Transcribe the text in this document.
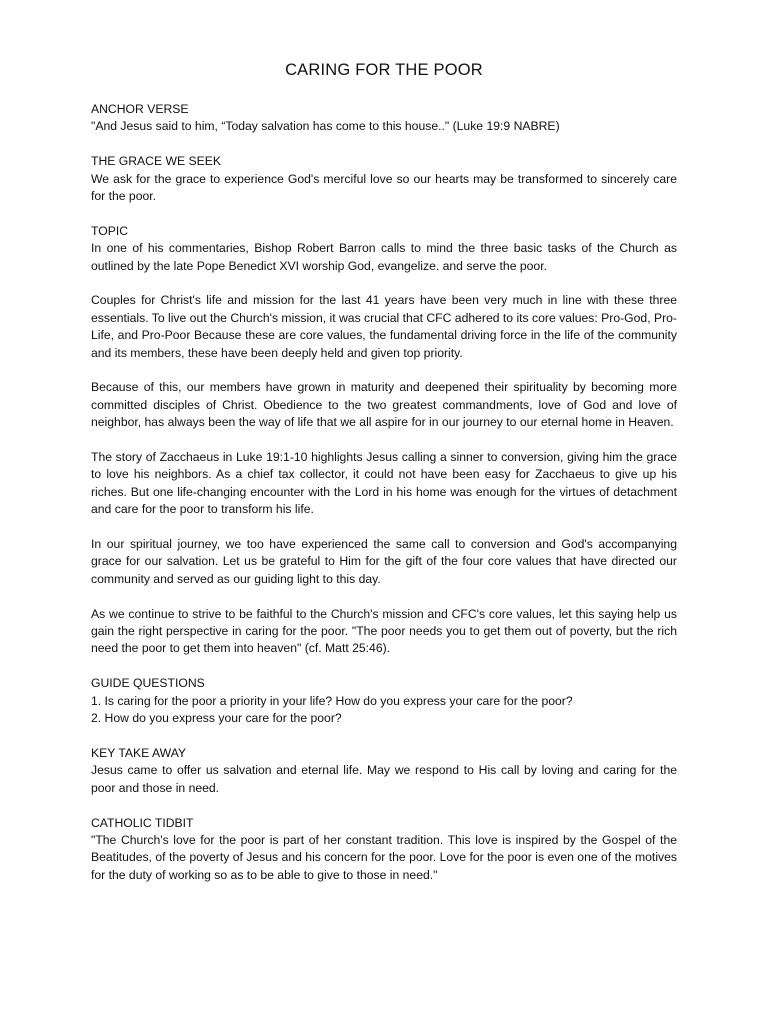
CARING FOR THE POOR

ANCHOR VERSE

"And Jesus said to him, “Today salvation has come to this house.." (Luke 19:9 NABRE)

THE GRACE WE SEEK

We ask for the grace to experience God's merciful love so our hearts may be transformed to sincerely care for the poor.

TOPIC

In one of his commentaries, Bishop Robert Barron calls to mind the three basic tasks of the Church as outlined by the late Pope Benedict XVI worship God, evangelize. and serve the poor.

Couples for Christ's life and mission for the last 41 years have been very much in line with these three essentials. To live out the Church's mission, it was crucial that CFC adhered to its core values: Pro-God, Pro-Life, and Pro-Poor Because these are core values, the fundamental driving force in the life of the community and its members, these have been deeply held and given top priority.

Because of this, our members have grown in maturity and deepened their spirituality by becoming more committed disciples of Christ. Obedience to the two greatest commandments, love of God and love of neighbor, has always been the way of life that we all aspire for in our journey to our eternal home in Heaven.

The story of Zacchaeus in Luke 19:1-10 highlights Jesus calling a sinner to conversion, giving him the grace to love his neighbors. As a chief tax collector, it could not have been easy for Zacchaeus to give up his riches. But one life-changing encounter with the Lord in his home was enough for the virtues of detachment and care for the poor to transform his life.

In our spiritual journey, we too have experienced the same call to conversion and God's accompanying grace for our salvation. Let us be grateful to Him for the gift of the four core values that have directed our community and served as our guiding light to this day.

As we continue to strive to be faithful to the Church's mission and CFC's core values, let this saying help us gain the right perspective in caring for the poor. "The poor needs you to get them out of poverty, but the rich need the poor to get them into heaven" (cf. Matt 25:46).

GUIDE QUESTIONS

1. Is caring for the poor a priority in your life? How do you express your care for the poor?

2. How do you express your care for the poor?

KEY TAKE AWAY

Jesus came to offer us salvation and eternal life. May we respond to His call by loving and caring for the poor and those in need.

CATHOLIC TIDBIT

"The Church's love for the poor is part of her constant tradition. This love is inspired by the Gospel of the Beatitudes, of the poverty of Jesus and his concern for the poor. Love for the poor is even one of the motives for the duty of working so as to be able to give to those in need."
